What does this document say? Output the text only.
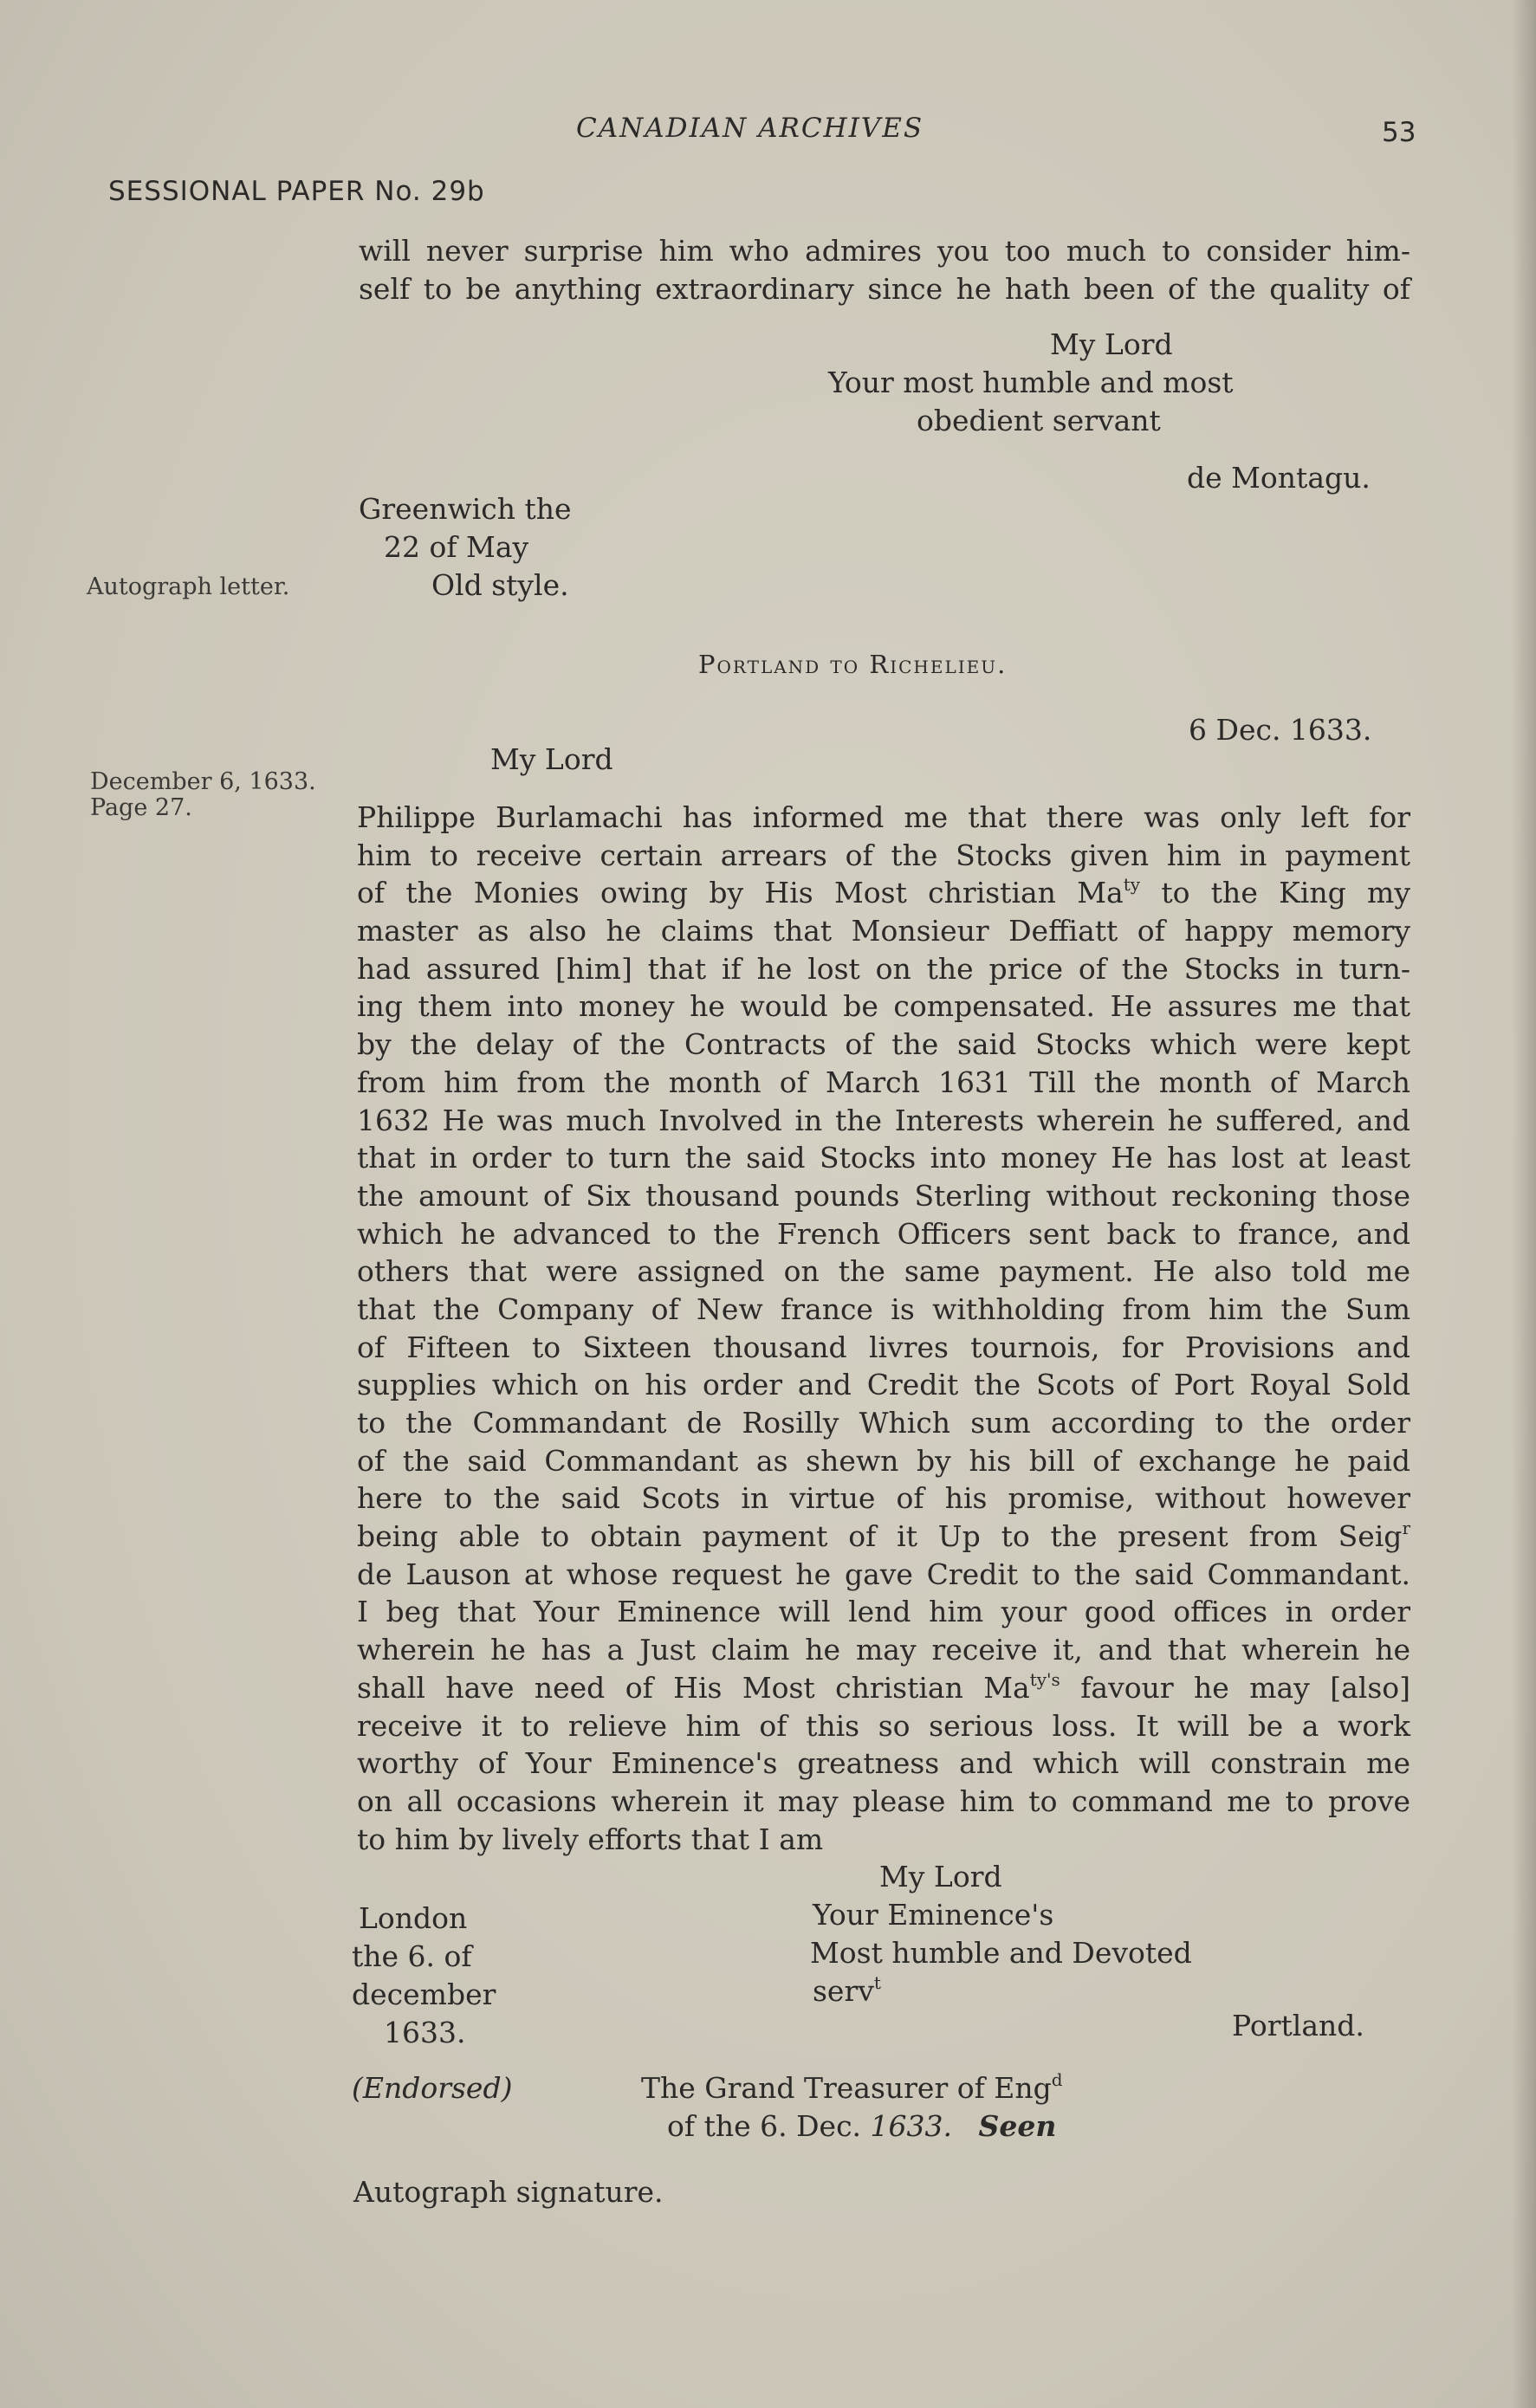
CANADIAN ARCHIVES	53
SESSIONAL PAPER No. 29b
will never surprise him who admires you too much to consider him-
self to be anything extraordinary since he hath been of the quality of
My Lord
Your most humble and most
obedient servant
de Montagu.
Greenwich the
22 of May
Old style.
Autograph letter.
Portland to Richelieu.
6 Dec. 1633.
My Lord
December 6, 1633.
Page 27.	Philippe Burlamachi has informed me that there was only left for
him to receive certain arrears of the Stocks given him in payment
of the Monies owing by His Most christian $Ma^{ty}$ to the King my
master as also he claims that Monsieur Deffiatt of happy memory
had assured [him] that if he lost on the price of the Stocks in turn-
ing them into money he would be compensated. He assures me that
by the delay of the Contracts of the said Stocks which were kept
from him from the month of March 1631 Till the month of March
1632 He was much Involved in the Interests wherein he suffered, and
that in order to turn the said Stocks into money He has lost at least
the amount of Six thousand pounds Sterling without reckoning those
which he advanced to the French Officers sent back to france, and
others that were assigned on the same payment. He also told me
that the Company of New france is withholding from him the Sum
of Fifteen to Sixteen thousand livres tournois, for Provisions and
supplies which on his order and Credit the Scots of Port Royal Sold
to the Commandant de Rosilly Which sum according to the order
of the said Commandant as shewn by his bill of exchange he paid
here to the said Scots in virtue of his promise, without however
being able to obtain payment of it Up to the present from Seig$^r$
de Lauson at whose request he gave Credit to the said Commandant.
I beg that Your Eminence will lend him your good offices in order
wherein he has a Just claim he may receive it, and that wherein he
shall have need of His Most christian $Ma^{ty's}$ favour he may [also]
receive it to relieve him of this so serious loss. It will be a work
worthy of Your Eminence's greatness and which will constrain me
on all occasions wherein it may please him to command me to prove
to him by lively efforts that I am
My Lord
Your Eminence's
Most humble and Devoted
serv$^t$
London
the 6. of
december
1633.	Portland.
(Endorsed)	The Grand Treasurer of Eng$^d$
of the 6. Dec. 1633. Seen
Autograph signature.
